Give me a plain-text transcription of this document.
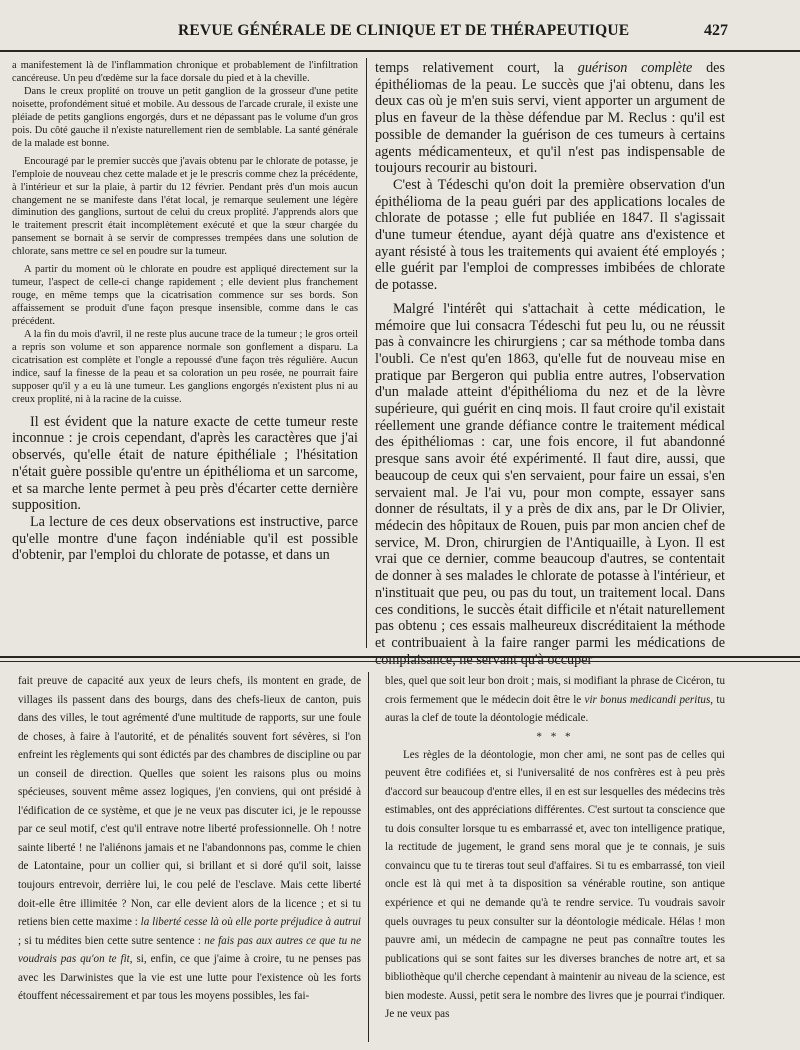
REVUE GÉNÉRALE DE CLINIQUE ET DE THÉRAPEUTIQUE	427

a manifestement là de l'inflammation chronique et probablement de l'infiltration cancéreuse. Un peu d'œdème sur la face dorsale du pied et à la cheville.

Dans le creux proplité on trouve un petit ganglion de la grosseur d'une petite noisette, profondément situé et mobile. Au dessous de l'arcade crurale, il existe une pléiade de petits ganglions engorgés, durs et ne dépassant pas le volume d'un gros pois. Du côté gauche il n'existe naturellement rien de semblable. La santé générale de la malade est bonne.

Encouragé par le premier succès que j'avais obtenu par le chlorate de potasse, je l'emploie de nouveau chez cette malade et je le prescris comme chez la précédente, à l'intérieur et sur la plaie, à partir du 12 février. Pendant près d'un mois aucun changement ne se manifeste dans l'état local, je remarque seulement une légère diminution des ganglions, surtout de celui du creux proplité. J'apprends alors que le traitement prescrit était incomplètement exécuté et que la sœur chargée du pansement se bornait à se servir de compresses trempées dans une solution de chlorate, sans mettre ce sel en poudre sur la tumeur.

A partir du moment où le chlorate en poudre est appliqué directement sur la tumeur, l'aspect de celle-ci change rapidement ; elle devient plus franchement rouge, en même temps que la cicatrisation commence sur ses bords. Son affaissement se produit d'une façon presque insensible, comme dans le cas précédent.

A la fin du mois d'avril, il ne reste plus aucune trace de la tumeur ; le gros orteil a repris son volume et son apparence normale son gonflement a disparu. La cicatrisation est complète et l'ongle a repoussé d'une façon très régulière. Aucun indice, sauf la finesse de la peau et sa coloration un peu rosée, ne pourrait faire supposer qu'il y a eu là une tumeur. Les ganglions engorgés n'existent plus ni au creux proplité, ni à la racine de la cuisse.

Il est évident que la nature exacte de cette tumeur reste inconnue : je crois cependant, d'après les caractères que j'ai observés, qu'elle était de nature épithéliale ; l'hésitation n'était guère possible qu'entre un épithélioma et un sarcome, et sa marche lente permet à peu près d'écarter cette dernière supposition.

La lecture de ces deux observations est instructive, parce qu'elle montre d'une façon indéniable qu'il est possible d'obtenir, par l'emploi du chlorate de potasse, et dans un

temps relativement court, la guérison complète des épithéliomas de la peau. Le succès que j'ai obtenu, dans les deux cas où je m'en suis servi, vient apporter un argument de plus en faveur de la thèse défendue par M. Reclus : qu'il est possible de demander la guérison de ces tumeurs à certains agents médicamenteux, et qu'il n'est pas indispensable de toujours recourir au bistouri.

C'est à Tédeschi qu'on doit la première observation d'un épithélioma de la peau guéri par des applications locales de chlorate de potasse ; elle fut publiée en 1847. Il s'agissait d'une tumeur étendue, ayant déjà quatre ans d'existence et ayant résisté à tous les traitements qui avaient été employés ; elle guérit par l'emploi de compresses imbibées de chlorate de potasse.

Malgré l'intérêt qui s'attachait à cette médication, le mémoire que lui consacra Tédeschi fut peu lu, ou ne réussit pas à convaincre les chirurgiens ; car sa méthode tomba dans l'oubli. Ce n'est qu'en 1863, qu'elle fut de nouveau mise en pratique par Bergeron qui publia entre autres, l'observation d'un malade atteint d'épithélioma du nez et de la lèvre supérieure, qui guérit en cinq mois. Il faut croire qu'il existait réellement une grande défiance contre le traitement médical des épithéliomas : car, une fois encore, il fut abandonné presque sans avoir été expérimenté. Il faut dire, aussi, que beaucoup de ceux qui s'en servaient, pour faire un essai, s'en servaient mal. Je l'ai vu, pour mon compte, essayer sans donner de résultats, il y a près de dix ans, par le Dr Olivier, médecin des hôpitaux de Rouen, puis par mon ancien chef de service, M. Dron, chirurgien de l'Antiquaille, à Lyon. Il est vrai que ce dernier, comme beaucoup d'autres, se contentait de donner à ses malades le chlorate de potasse à l'intérieur, et n'instituait que peu, ou pas du tout, un traitement local. Dans ces conditions, le succès était difficile et n'était naturellement pas obtenu ; ces essais malheureux discréditaient la méthode et contribuaient à la faire ranger parmi les médications de complaisance, ne servant qu'à occuper

fait preuve de capacité aux yeux de leurs chefs, ils montent en grade, de villages ils passent dans des bourgs, dans des chefs-lieux de canton, puis dans des villes, le tout agrémenté d'une multitude de rapports, sur une foule de choses, à faire à l'autorité, et de pénalités souvent fort sévères, si l'on enfreint les règlements qui sont édictés par des chambres de discipline ou par un conseil de direction. Quelles que soient les raisons plus ou moins spécieuses, souvent même assez logiques, j'en conviens, qui ont présidé à l'édification de ce système, et que je ne veux pas discuter ici, je le repousse par ce seul motif, c'est qu'il entrave notre liberté professionnelle. Oh ! notre sainte liberté ! ne l'aliénons jamais et ne l'abandonnons pas, comme le chien de Latontaine, pour un collier qui, si brillant et si doré qu'il soit, laisse toujours entrevoir, derrière lui, le cou pelé de l'esclave. Mais cette liberté doit-elle être illimitée ? Non, car elle devient alors de la licence ; et si tu retiens bien cette maxime : la liberté cesse là où elle porte préjudice à autrui ; si tu médites bien cette sutre sentence : ne fais pas aux autres ce que tu ne voudrais pas qu'on te fit, si, enfin, ce que j'aime à croire, tu ne penses pas avec les Darwinistes que la vie est une lutte pour l'existence où les forts étouffent nécessairement et par tous les moyens possibles, les fai-

bles, quel que soit leur bon droit ; mais, si modifiant la phrase de Cicéron, tu crois fermement que le médecin doit être le vir bonus medicandi peritus, tu auras la clef de toute la déontologie médicale.

* * *

Les règles de la déontologie, mon cher ami, ne sont pas de celles qui peuvent être codifiées et, si l'universalité de nos confrères est à peu près d'accord sur beaucoup d'entre elles, il en est sur lesquelles des médecins très estimables, ont des appréciations différentes. C'est surtout ta conscience que tu dois consulter lorsque tu es embarrassé et, avec ton intelligence pratique, la rectitude de jugement, le grand sens moral que je te connais, je suis convaincu que tu te tireras tout seul d'affaires. Si tu es embarrassé, ton vieil oncle est là qui met à ta disposition sa vénérable routine, son antique expérience et qui ne demande qu'à te rendre service. Tu voudrais savoir quels ouvrages tu peux consulter sur la déontologie médicale. Hélas ! mon pauvre ami, un médecin de campagne ne peut pas connaître toutes les publications qui se sont faites sur les diverses branches de notre art, et sa bibliothèque qu'il cherche cependant à maintenir au niveau de la science, est bien modeste. Aussi, petit sera le nombre des livres que je pourrai t'indiquer. Je ne veux pas
